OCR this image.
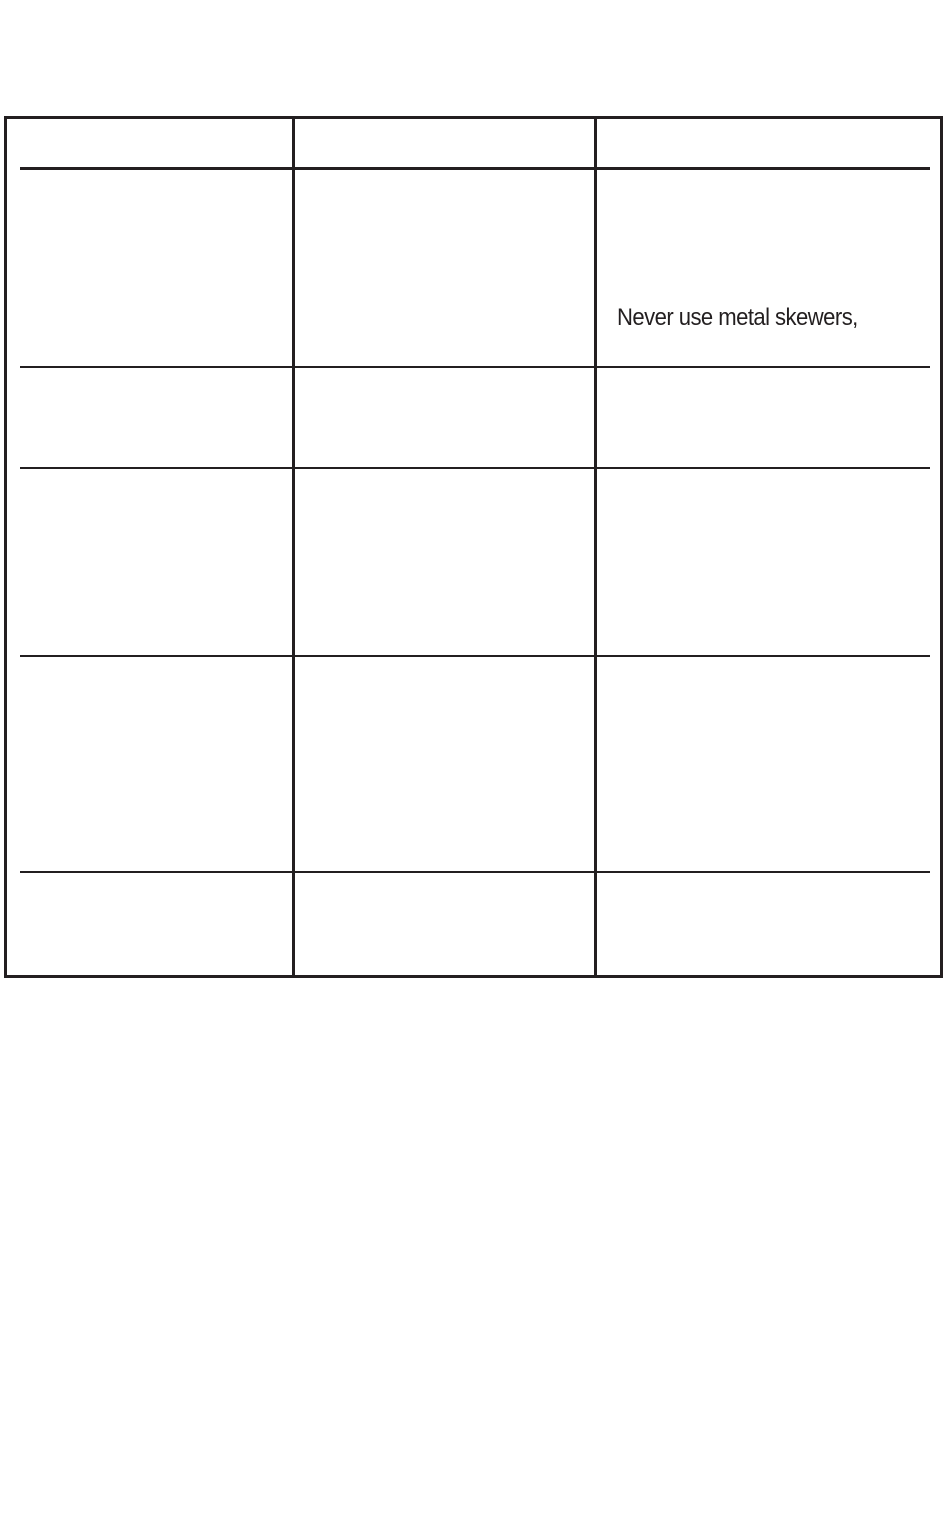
Never use metal skewers,
